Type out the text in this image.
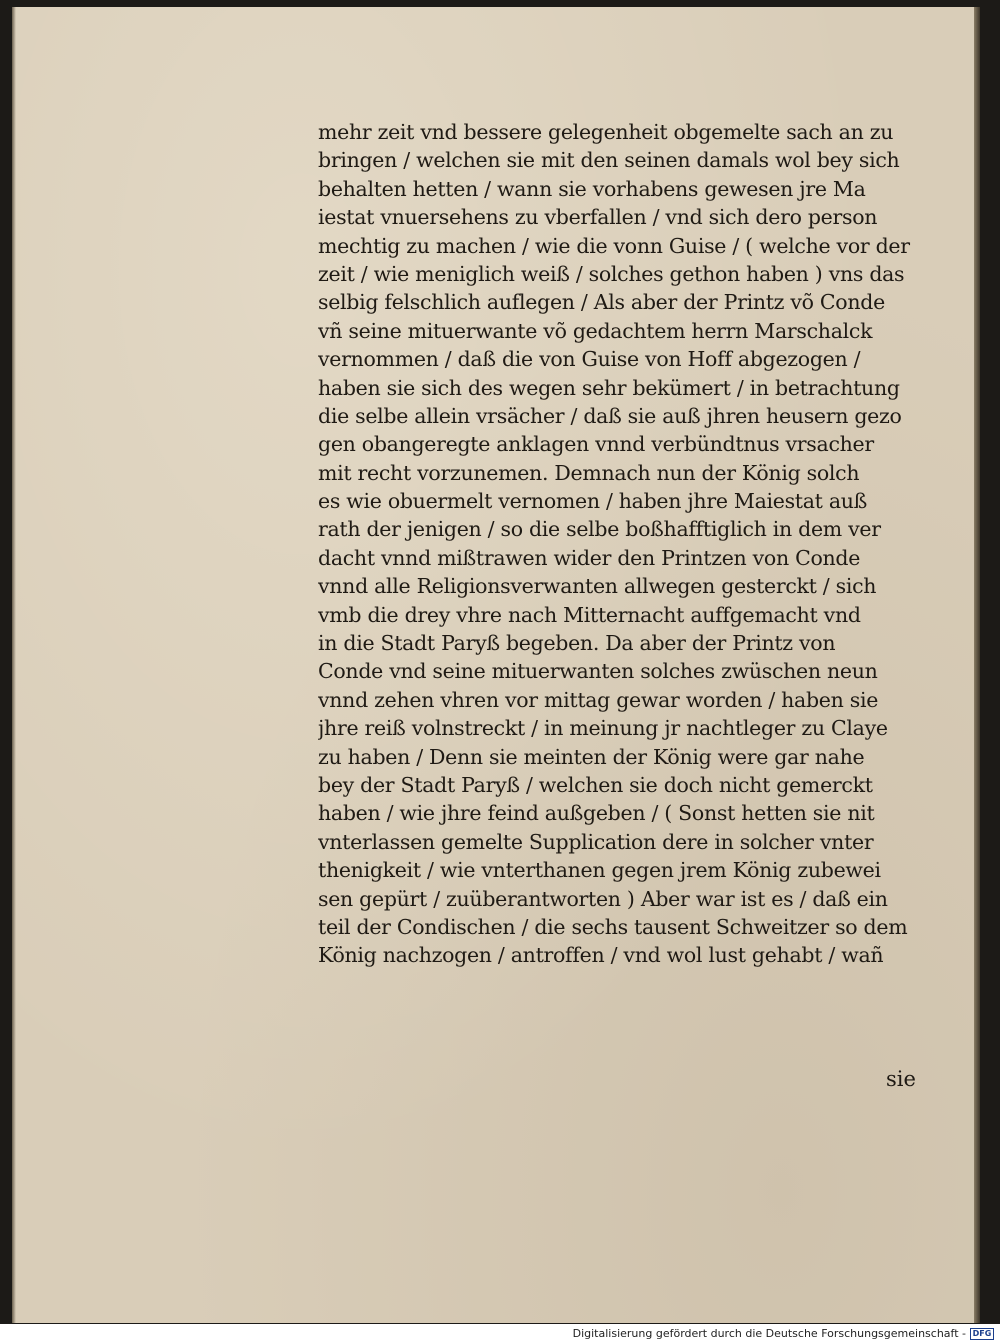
mehr zeit vnd bessere gelegenheit obgemelte sach an zu
bringen / welchen sie mit den seinen damals wol bey sich
behalten hetten / wann sie vorhabens gewesen jre Ma
iestat vnuersehens zu vberfallen / vnd sich dero person
mechtig zu machen / wie die vonn Guise / ( welche vor der
zeit / wie meniglich weiß / solches gethon haben ) vns das
selbig felschlich auflegen / Als aber der Printz võ Conde
vñ seine mituerwante võ gedachtem herrn Marschalck
vernommen / daß die von Guise von Hoff abgezogen /
haben sie sich des wegen sehr bekümert / in betrachtung
die selbe allein vrsächer / daß sie auß jhren heusern gezo
gen obangeregte anklagen vnnd verbündtnus vrsacher
mit recht vorzunemen. Demnach nun der König solch
es wie obuermelt vernomen / haben jhre Maiestat auß
rath der jenigen / so die selbe boßhafftiglich in dem ver
dacht vnnd mißtrawen wider den Printzen von Conde
vnnd alle Religionsverwanten allwegen gesterckt / sich
vmb die drey vhre nach Mitternacht auffgemacht vnd
in die Stadt Paryß begeben. Da aber der Printz von
Conde vnd seine mituerwanten solches zwüschen neun
vnnd zehen vhren vor mittag gewar worden / haben sie
jhre reiß volnstreckt / in meinung jr nachtleger zu Claye
zu haben / Denn sie meinten der König were gar nahe
bey der Stadt Paryß / welchen sie doch nicht gemerckt
haben / wie jhre feind außgeben / ( Sonst hetten sie nit
vnterlassen gemelte Supplication dere in solcher vnter
thenigkeit / wie vnterthanen gegen jrem König zubewei
sen gepürt / zuüberantworten ) Aber war ist es / daß ein
teil der Condischen / die sechs tausent Schweitzer so dem
König nachzogen / antroffen / vnd wol lust gehabt / wañ
sie
Digitalisierung gefördert durch die Deutsche Forschungsgemeinschaft - DFG
